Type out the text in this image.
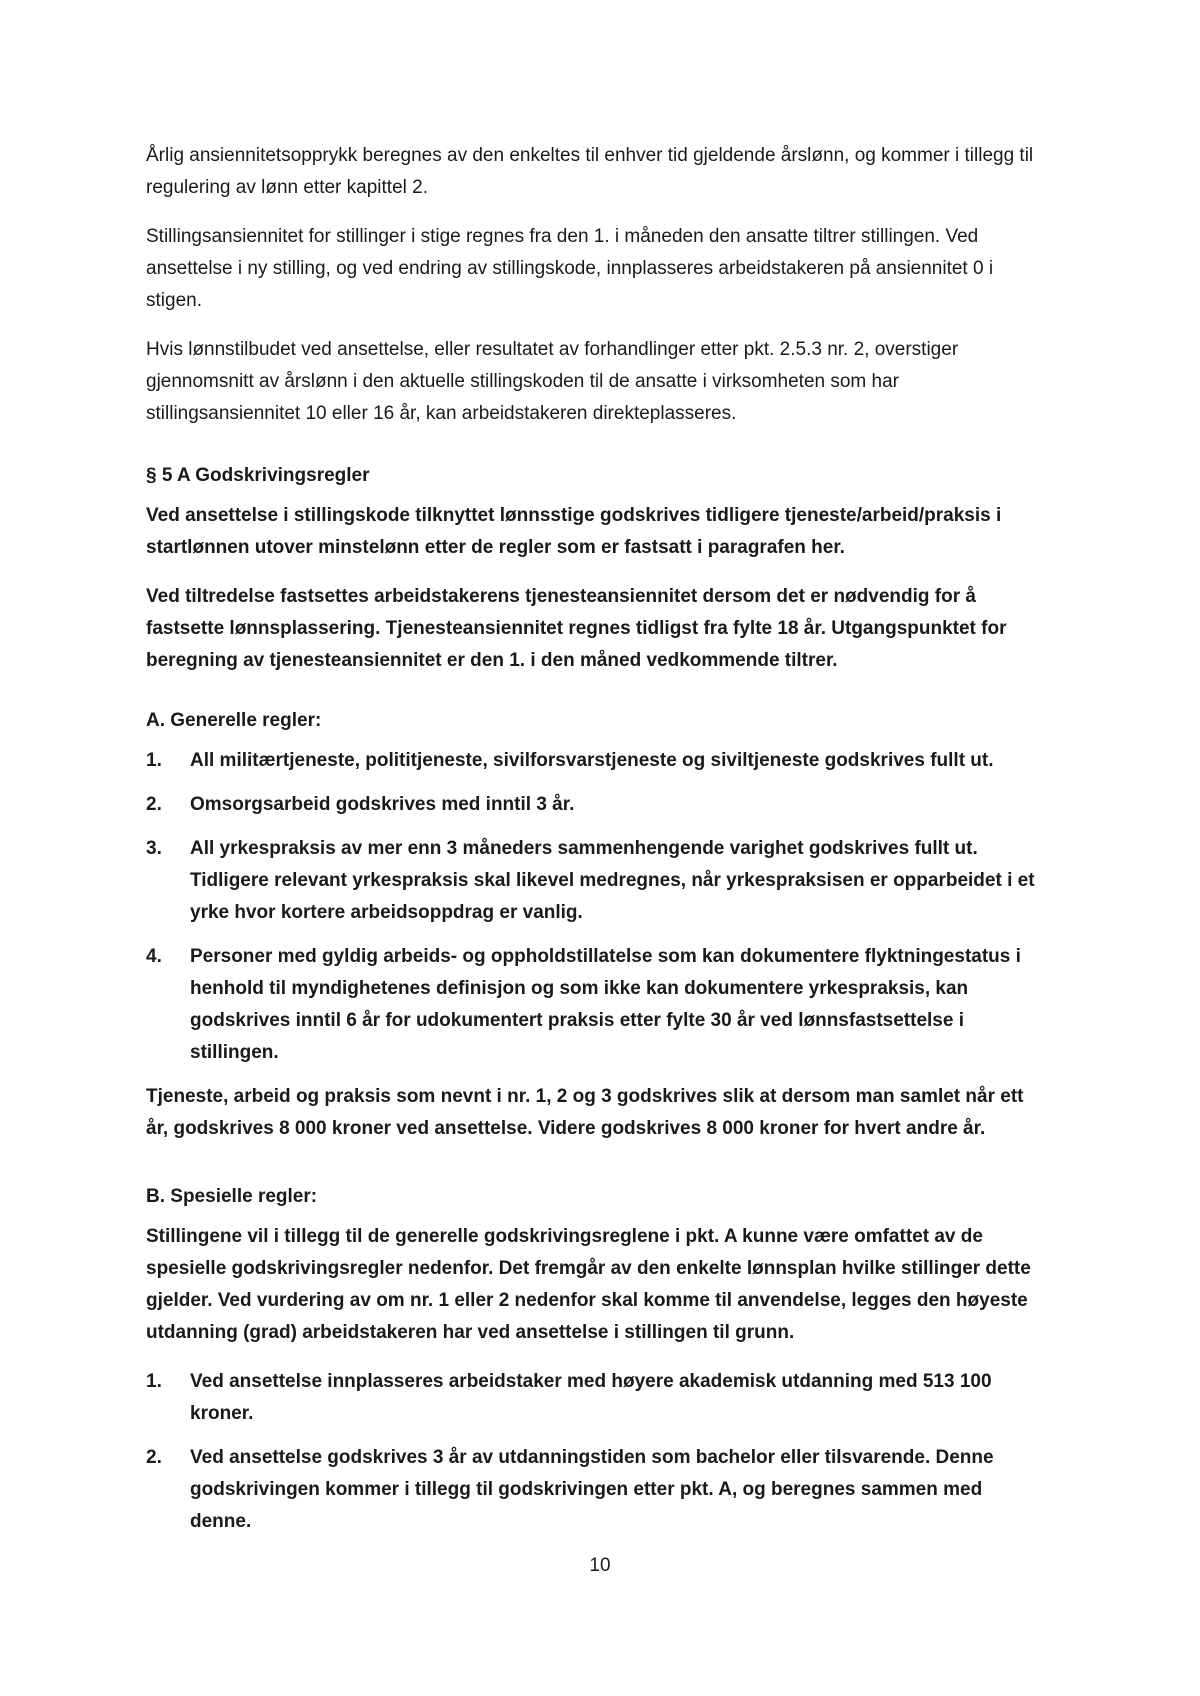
Årlig ansiennitetsopprykk beregnes av den enkeltes til enhver tid gjeldende årslønn, og kommer i tillegg til regulering av lønn etter kapittel 2.

Stillingsansiennitet for stillinger i stige regnes fra den 1. i måneden den ansatte tiltrer stillingen. Ved ansettelse i ny stilling, og ved endring av stillingskode, innplasseres arbeidstakeren på ansiennitet 0 i stigen.

Hvis lønnstilbudet ved ansettelse, eller resultatet av forhandlinger etter pkt. 2.5.3 nr. 2, overstiger gjennomsnitt av årslønn i den aktuelle stillingskoden til de ansatte i virksomheten som har stillingsansiennitet 10 eller 16 år, kan arbeidstakeren direkteplasseres.

§ 5 A Godskrivingsregler

Ved ansettelse i stillingskode tilknyttet lønnsstige godskrives tidligere tjeneste/arbeid/praksis i startlønnen utover minstelønn etter de regler som er fastsatt i paragrafen her.

Ved tiltredelse fastsettes arbeidstakerens tjenesteansiennitet dersom det er nødvendig for å fastsette lønnsplassering. Tjenesteansiennitet regnes tidligst fra fylte 18 år. Utgangspunktet for beregning av tjenesteansiennitet er den 1. i den måned vedkommende tiltrer.

A. Generelle regler:
1.	All militærtjeneste, polititjeneste, sivilforsvarstjeneste og siviltjeneste godskrives fullt ut.
2.	Omsorgsarbeid godskrives med inntil 3 år.
3.	All yrkespraksis av mer enn 3 måneders sammenhengende varighet godskrives fullt ut. Tidligere relevant yrkespraksis skal likevel medregnes, når yrkespraksisen er opparbeidet i et yrke hvor kortere arbeidsoppdrag er vanlig.
4.	Personer med gyldig arbeids- og oppholdstillatelse som kan dokumentere flyktningestatus i henhold til myndighetenes definisjon og som ikke kan dokumentere yrkespraksis, kan godskrives inntil 6 år for udokumentert praksis etter fylte 30 år ved lønnsfastsettelse i stillingen.

Tjeneste, arbeid og praksis som nevnt i nr. 1, 2 og 3 godskrives slik at dersom man samlet når ett år, godskrives 8 000 kroner ved ansettelse. Videre godskrives 8 000 kroner for hvert andre år.

B. Spesielle regler:

Stillingene vil i tillegg til de generelle godskrivingsreglene i pkt. A kunne være omfattet av de spesielle godskrivingsregler nedenfor. Det fremgår av den enkelte lønnsplan hvilke stillinger dette gjelder. Ved vurdering av om nr. 1 eller 2 nedenfor skal komme til anvendelse, legges den høyeste utdanning (grad) arbeidstakeren har ved ansettelse i stillingen til grunn.

1.	Ved ansettelse innplasseres arbeidstaker med høyere akademisk utdanning med 513 100 kroner.
2.	Ved ansettelse godskrives 3 år av utdanningstiden som bachelor eller tilsvarende. Denne godskrivingen kommer i tillegg til godskrivingen etter pkt. A, og beregnes sammen med denne.
10
